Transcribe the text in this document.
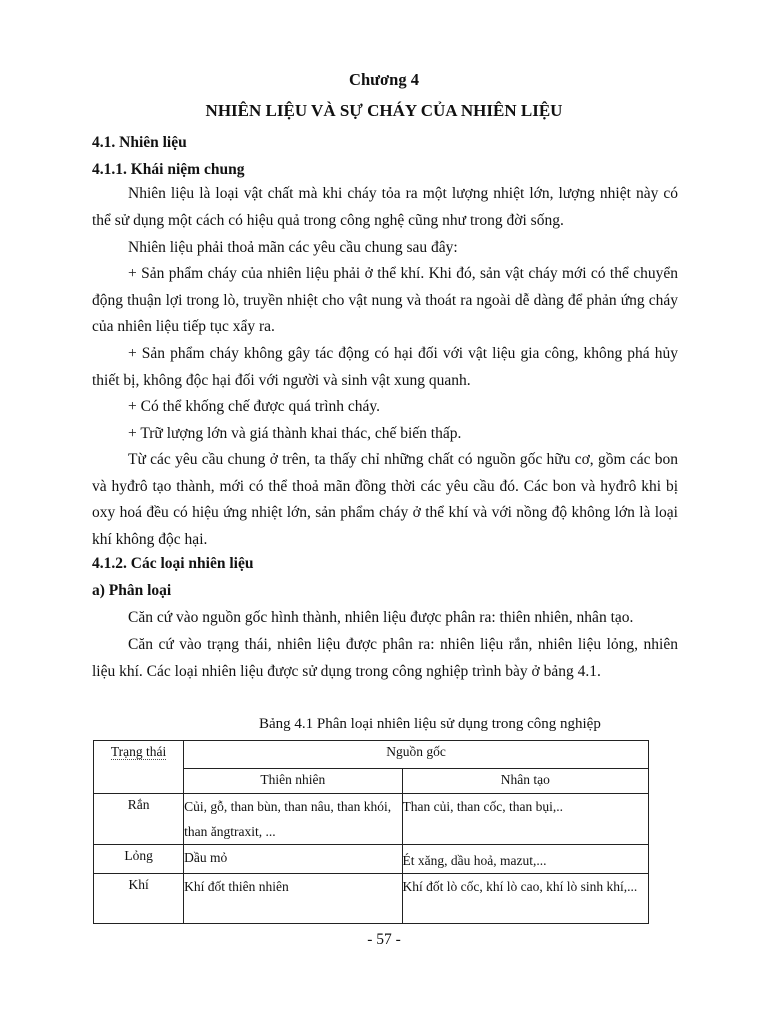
Chương 4
NHIÊN LIỆU VÀ SỰ CHÁY CỦA NHIÊN LIỆU
4.1. Nhiên liệu
4.1.1. Khái niệm chung
Nhiên liệu là loại vật chất mà khi cháy tỏa ra một lượng nhiệt lớn, lượng nhiệt này có thể sử dụng một cách có hiệu quả trong công nghệ cũng như trong đời sống.
Nhiên liệu phải thoả mãn các yêu cầu chung sau đây:
+ Sản phẩm cháy của nhiên liệu phải ở thể khí. Khi đó, sản vật cháy mới có thể chuyển động thuận lợi trong lò, truyền nhiệt cho vật nung và thoát ra ngoài dễ dàng để phản ứng cháy của nhiên liệu tiếp tục xẩy ra.
+ Sản phẩm cháy không gây tác động có hại đối với vật liệu gia công, không phá hủy thiết bị, không độc hại đối với người và sinh vật xung quanh.
+ Có thể khống chế được quá trình cháy.
+ Trữ lượng lớn và giá thành khai thác, chế biến thấp.
Từ các yêu cầu chung ở trên, ta thấy chỉ những chất có nguồn gốc hữu cơ, gồm các bon và hyđrô tạo thành, mới có thể thoả mãn đồng thời các yêu cầu đó. Các bon và hyđrô khi bị oxy hoá đều có hiệu ứng nhiệt lớn, sản phẩm cháy ở thể khí và với nồng độ không lớn là loại khí không độc hại.
4.1.2. Các loại nhiên liệu
a) Phân loại
Căn cứ vào nguồn gốc hình thành, nhiên liệu được phân ra: thiên nhiên, nhân tạo.
Căn cứ vào trạng thái, nhiên liệu được phân ra: nhiên liệu rắn, nhiên liệu lỏng, nhiên liệu khí. Các loại nhiên liệu được sử dụng trong công nghiệp trình bày ở bảng 4.1.
Bảng 4.1 Phân loại nhiên liệu sử dụng trong công nghiệp
Trạng thái	Nguồn gốc	
	Thiên nhiên	Nhân tạo
Rắn	Củi, gỗ, than bùn, than nâu, than khói, than ăngtraxit, ...	Than củi, than cốc, than bụi,..
Lỏng	Dầu mỏ	Ét xăng, dầu hoả, mazut,...
Khí	Khí đốt thiên nhiên	Khí đốt lò cốc, khí lò cao, khí lò sinh khí,...
- 57 -
